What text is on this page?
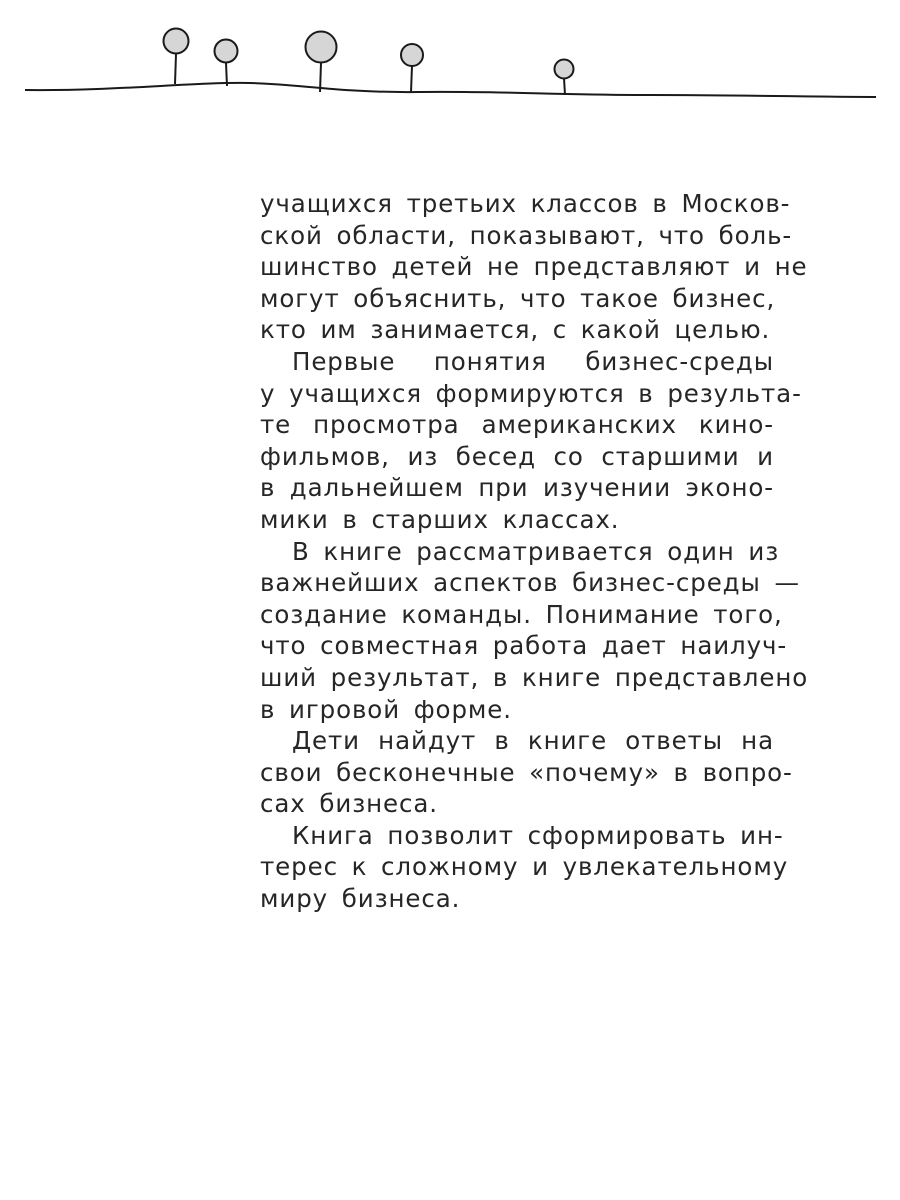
учащихся третьих классов в Москов-
ской области, показывают, что боль-
шинство детей не представляют и не
могут объяснить, что такое бизнес,
кто им занимается, с какой целью.
Первые понятия бизнес-среды
у учащихся формируются в результа-
те просмотра американских кино-
фильмов, из бесед со старшими и
в дальнейшем при изучении эконо-
мики в старших классах.
В книге рассматривается один из
важнейших аспектов бизнес-среды —
создание команды. Понимание того,
что совместная работа дает наилуч-
ший результат, в книге представлено
в игровой форме.
Дети найдут в книге ответы на
свои бесконечные «почему» в вопро-
сах бизнеса.
Книга позволит сформировать ин-
терес к сложному и увлекательному
миру бизнеса.
